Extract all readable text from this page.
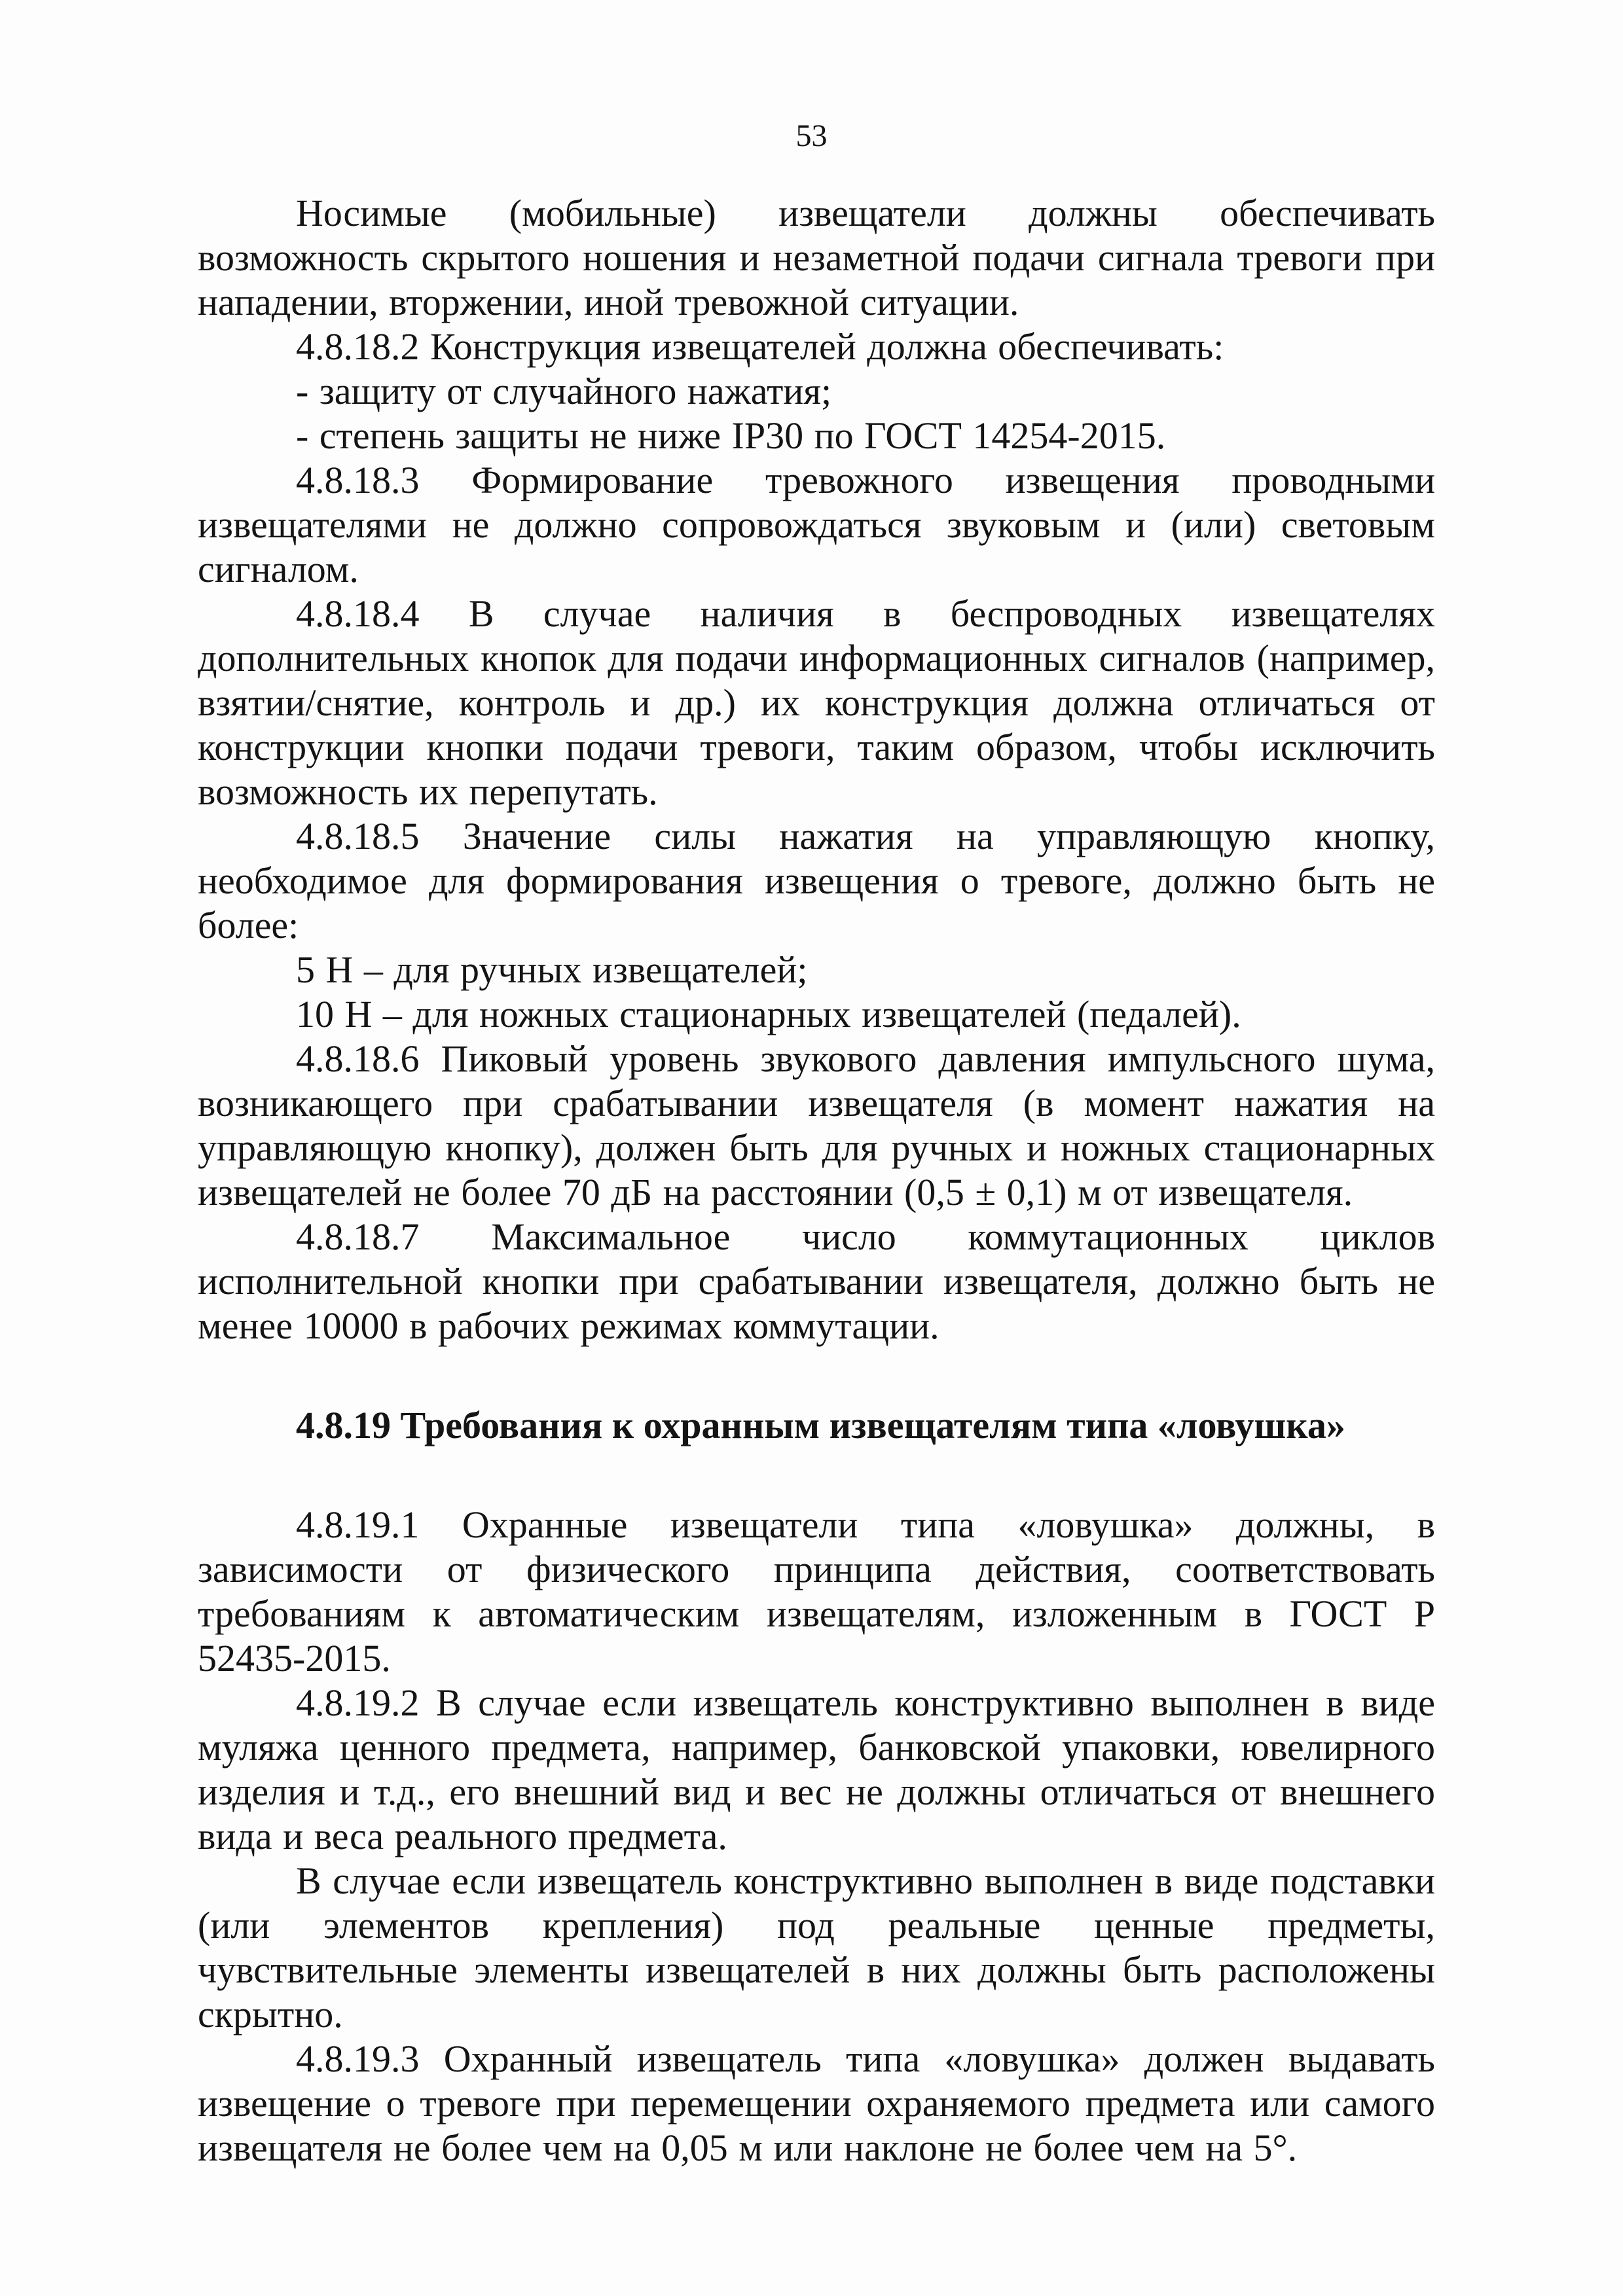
53

Носимые (мобильные) извещатели должны обеспечивать возможность скрытого ношения и незаметной подачи сигнала тревоги при нападении, вторжении, иной тревожной ситуации.

4.8.18.2 Конструкция извещателей должна обеспечивать:

- защиту от случайного нажатия;

- степень защиты не ниже IP30 по ГОСТ 14254-2015.

4.8.18.3 Формирование тревожного извещения проводными извещателями не должно сопровождаться звуковым и (или) световым сигналом.

4.8.18.4 В случае наличия в беспроводных извещателях дополнительных кнопок для подачи информационных сигналов (например, взятии/снятие, контроль и др.) их конструкция должна отличаться от конструкции кнопки подачи тревоги, таким образом, чтобы исключить возможность их перепутать.

4.8.18.5 Значение силы нажатия на управляющую кнопку, необходимое для формирования извещения о тревоге, должно быть не более:

5 Н – для ручных извещателей;

10 Н – для ножных стационарных извещателей (педалей).

4.8.18.6 Пиковый уровень звукового давления импульсного шума, возникающего при срабатывании извещателя (в момент нажатия на управляющую кнопку), должен быть для ручных и ножных стационарных извещателей не более 70 дБ на расстоянии (0,5 ± 0,1) м от извещателя.

4.8.18.7 Максимальное число коммутационных циклов исполнительной кнопки при срабатывании извещателя, должно быть не менее 10000 в рабочих режимах коммутации.

4.8.19 Требования к охранным извещателям типа «ловушка»

4.8.19.1 Охранные извещатели типа «ловушка» должны, в зависимости от физического принципа действия, соответствовать требованиям к автоматическим извещателям, изложенным в ГОСТ Р 52435-2015.

4.8.19.2 В случае если извещатель конструктивно выполнен в виде муляжа ценного предмета, например, банковской упаковки, ювелирного изделия и т.д., его внешний вид и вес не должны отличаться от внешнего вида и веса реального предмета.

В случае если извещатель конструктивно выполнен в виде подставки (или элементов крепления) под реальные ценные предметы, чувствительные элементы извещателей в них должны быть расположены скрытно.

4.8.19.3 Охранный извещатель типа «ловушка» должен выдавать извещение о тревоге при перемещении охраняемого предмета или самого извещателя не более чем на 0,05 м или наклоне не более чем на 5°.
